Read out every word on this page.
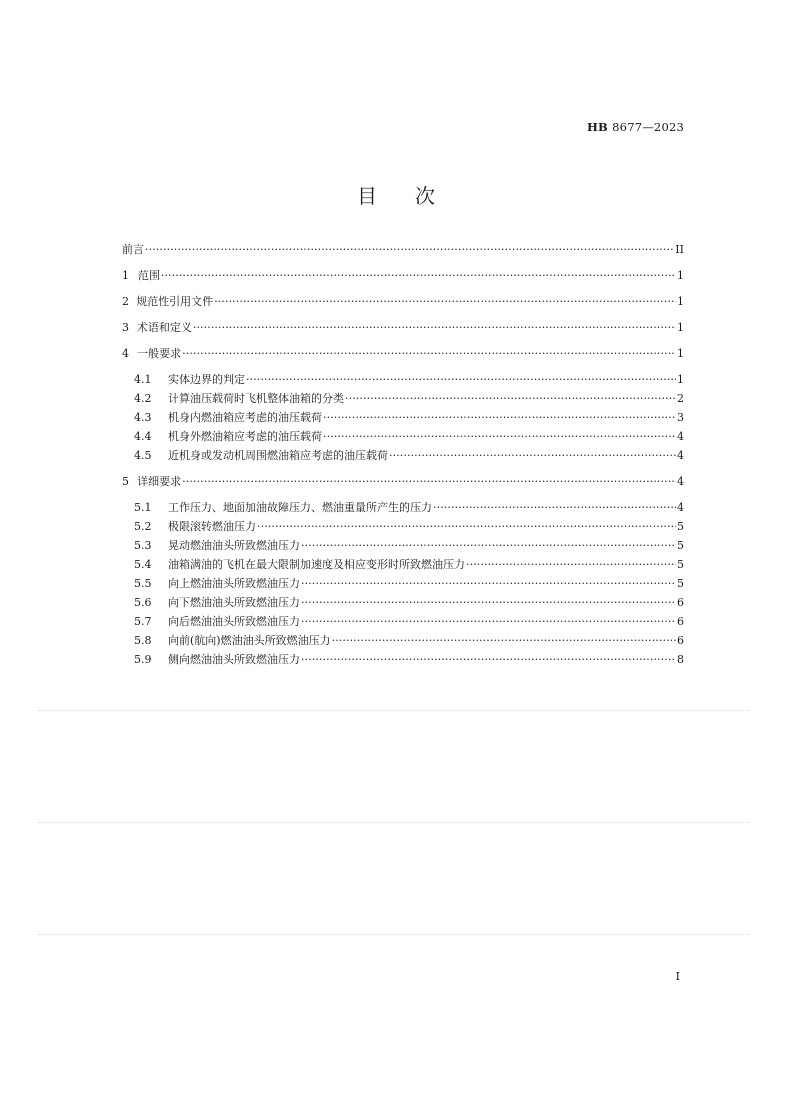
HB 8677—2023
目 次
前言 ·····	II
1 范围 ·····	1
2 规范性引用文件 ·····	1
3 术语和定义 ·····	1
4 一般要求 ·····	1
4.1	实体边界的判定 ·····	1
4.2	计算油压载荷时飞机整体油箱的分类 ·····	2
4.3	机身内燃油箱应考虑的油压载荷 ·····	3
4.4	机身外燃油箱应考虑的油压载荷 ·····	4
4.5	近机身或发动机周围燃油箱应考虑的油压载荷 ·····	4
5 详细要求 ·····	4
5.1	工作压力、地面加油故障压力、燃油重量所产生的压力 ·····	4
5.2	极限滚转燃油压力 ·····	5
5.3	晃动燃油油头所致燃油压力 ·····	5
5.4	油箱满油的飞机在最大限制加速度及相应变形时所致燃油压力 ·····	5
5.5	向上燃油油头所致燃油压力 ·····	5
5.6	向下燃油油头所致燃油压力 ·····	6
5.7	向后燃油油头所致燃油压力 ·····	6
5.8	向前(航向)燃油油头所致燃油压力 ·····	6
5.9	侧向燃油油头所致燃油压力 ·····	8
I
